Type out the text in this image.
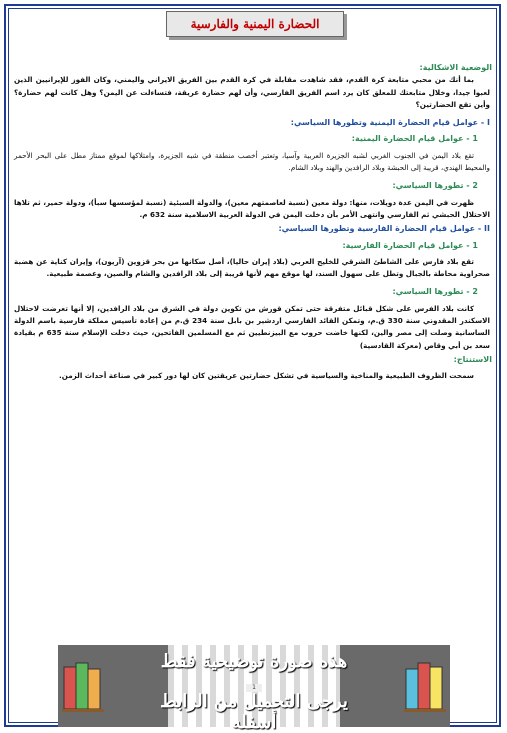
الحضارة اليمنية والفارسية

الوضعية الاشكالية:

بما أنك من محبي متابعة كرة القدم، فقد شاهدت مقابلة في كرة القدم بين الفريق الايراني واليمني، وكان الفوز للإيرانيين الذين لعبوا جيدا، وخلال متابعتك للمعلق كان يرد اسم الفريق الفارسي، وأن لهم حضارة عريقة، فتساءلت عن اليمن؟ وهل كانت لهم حضارة؟ وأين تقع الحضارتين؟

I - عوامل قيام الحضارة اليمنية وتطورها السياسي:

1 - عوامل قيام الحضارة اليمنية:

تقع بلاد اليمن في الجنوب الغربي لشبه الجزيرة العربية وآسيا، وتعتبر أخصب منطقة في شبه الجزيرة، وامتلاكها لموقع ممتاز مطل على البحر الأحمر والمحيط الهندي، قريبة إلى الحبشة وبلاد الرافدين والهند وبلاد الشام.

2 - تطورها السياسي:

ظهرت في اليمن عدة دويلات، منها: دولة معين (نسبة لعاصمتهم معين)، والدولة السبئية (نسبة لمؤسسها سبأ)، ودولة حمير، ثم تلاها الاحتلال الحبشي ثم الفارسي وانتهى الأمر بأن دخلت اليمن في الدولة العربية الاسلامية سنة 632 م.

II - عوامل قيام الحضارة الفارسية وتطورها السياسي:

1 - عوامل قيام الحضارة الفارسية:

تقع بلاد فارس على الشاطئ الشرقي للخليج العربي (بلاد إيران حاليا)، أصل سكانها من بحر قزوين (آريون)، وإيران كناية عن هضبة صحراوية محاطة بالجبال وتطل على سهول السند، لها موقع مهم لأنها قريبة إلى بلاد الرافدين والشام والصين، وعصمة طبيعية.

2 - تطورها السياسي:

كانت بلاد الفرس على شكل قبائل متفرقة حتى تمكن قورش من تكوين دولة في الشرق من بلاد الرافدين، إلا أنها تعرضت لاحتلال الاسكندر المقدوني سنة 330 ق.م، وتمكن القائد الفارسي اردشير بن بابل سنة 234 ق.م من إعادة تأسيس مملكة فارسية باسم الدولة الساسانية وصلت إلى مصر والين، لكنها خاضت حروب مع البيزنطيين ثم مع المسلمين الفاتحين، حيث دخلت الإسلام سنة 635 م بقيادة سعد بن أبي وقاص (معركة القادسية)

الاستنتاج:

سمحت الظروف الطبيعية والمناخية والسياسية في تشكل حضارتين عريقتين كان لها دور كبير في صناعة أحداث الزمن.

هذه صورة توضيحية فقط
1
يرجى التحميل من الرابط أسفله
